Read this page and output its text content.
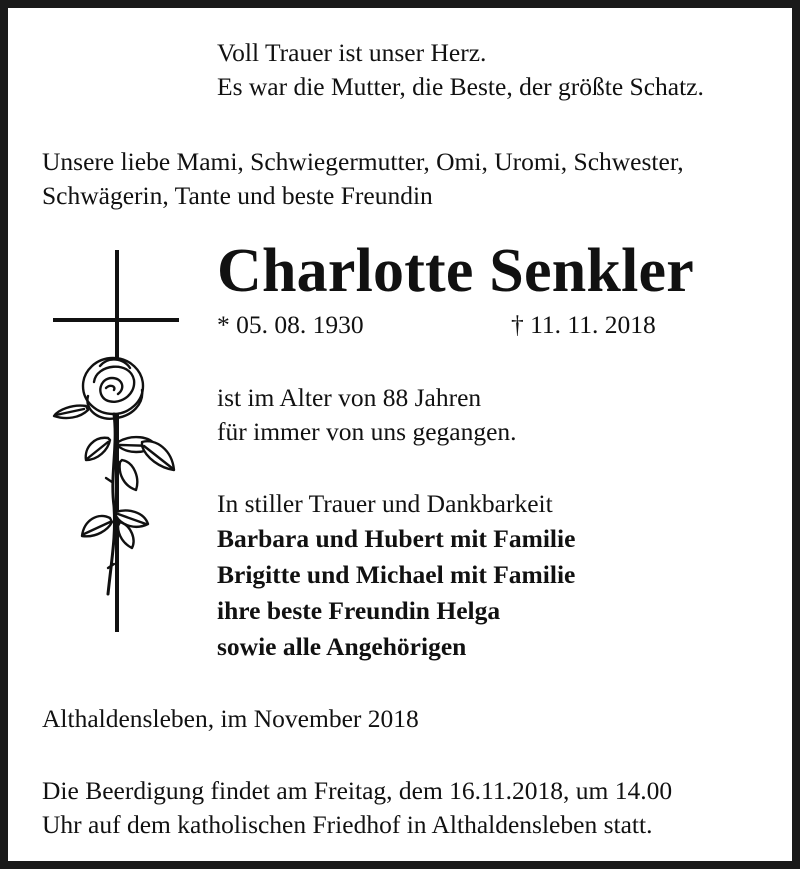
Voll Trauer ist unser Herz.

Es war die Mutter, die Beste, der größte Schatz.

Unsere liebe Mami, Schwiegermutter, Omi, Uromi, Schwester,

Schwägerin, Tante und beste Freundin

Charlotte Senkler

* 05. 08. 1930	† 11. 11. 2018

ist im Alter von 88 Jahren

für immer von uns gegangen.

In stiller Trauer und Dankbarkeit

Barbara und Hubert mit Familie

Brigitte und Michael mit Familie

ihre beste Freundin Helga

sowie alle Angehörigen

Althaldensleben, im November 2018

Die Beerdigung findet am Freitag, dem 16.11.2018, um 14.00

Uhr auf dem katholischen Friedhof in Althaldensleben statt.
